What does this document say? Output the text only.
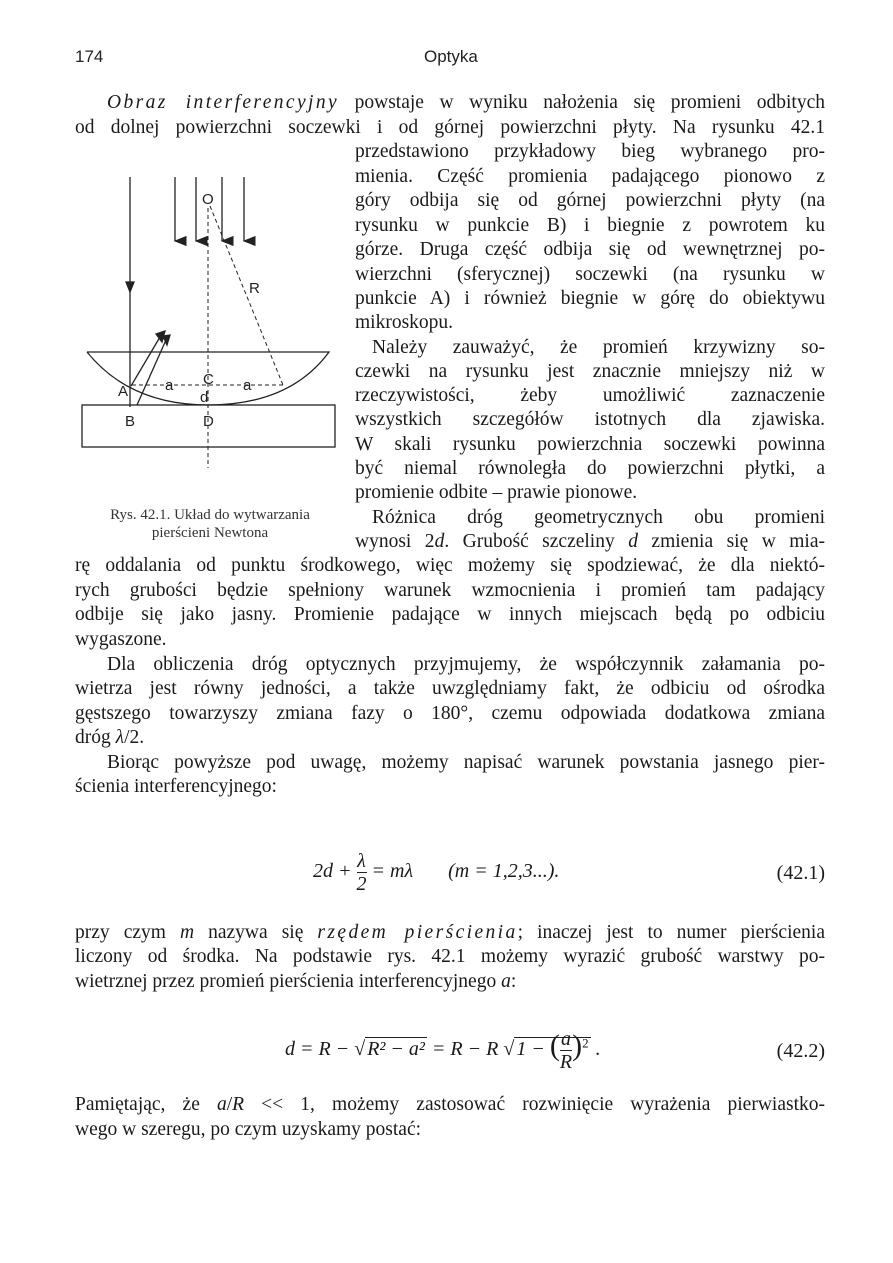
174	Optyka
Obraz interferencyjny powstaje w wyniku nałożenia się promieni odbitych
od dolnej powierzchni soczewki i od górnej powierzchni płyty. Na rysunku 42.1
przedstawiono przykładowy bieg wybranego pro-
mienia. Część promienia padającego pionowo z
góry odbija się od górnej powierzchni płyty (na
rysunku w punkcie B) i biegnie z powrotem ku
górze. Druga część odbija się od wewnętrznej po-
wierzchni (sferycznej) soczewki (na rysunku w
punkcie A) i również biegnie w górę do obiektywu
mikroskopu.
Należy zauważyć, że promień krzywizny so-
czewki na rysunku jest znacznie mniejszy niż w
rzeczywistości, żeby umożliwić zaznaczenie
wszystkich szczegółów istotnych dla zjawiska.
W skali rysunku powierzchnia soczewki powinna
być niemal równoległa do powierzchni płytki, a
promienie odbite – prawie pionowe.
Różnica dróg geometrycznych obu promieni
wynosi 2d. Grubość szczeliny d zmienia się w mia-
rę oddalania od punktu środkowego, więc możemy się spodziewać, że dla niektó-
rych grubości będzie spełniony warunek wzmocnienia i promień tam padający
odbije się jako jasny. Promienie padające w innych miejscach będą po odbiciu
wygaszone.
Dla obliczenia dróg optycznych przyjmujemy, że współczynnik załamania po-
wietrza jest równy jedności, a także uwzględniamy fakt, że odbiciu od ośrodka
gęstszego towarzyszy zmiana fazy o 180°, czemu odpowiada dodatkowa zmiana
dróg λ/2.
Biorąc powyższe pod uwagę, możemy napisać warunek powstania jasnego pier-
ścienia interferencyjnego:
przy czym m nazywa się rzędem pierścienia; inaczej jest to numer pierścienia
liczony od środka. Na podstawie rys. 42.1 możemy wyrazić grubość warstwy po-
wietrznej przez promień pierścienia interferencyjnego a:
Pamiętając, że a/R << 1, możemy zastosować rozwinięcie wyrażenia pierwiastko-
wego w szeregu, po czym uzyskamy postać:
O
R
A
B
C
d
D
a	a
Rys. 42.1. Układ do wytwarzania
pierścieni Newtona
$2d + \frac{\lambda}{2} = m\lambda$ (m = 1,2,3...).	(42.1)
d = R − √ R² − a² = R − R √ 1 − ( $\frac{a}{R} )^2$ .	(42.2)
